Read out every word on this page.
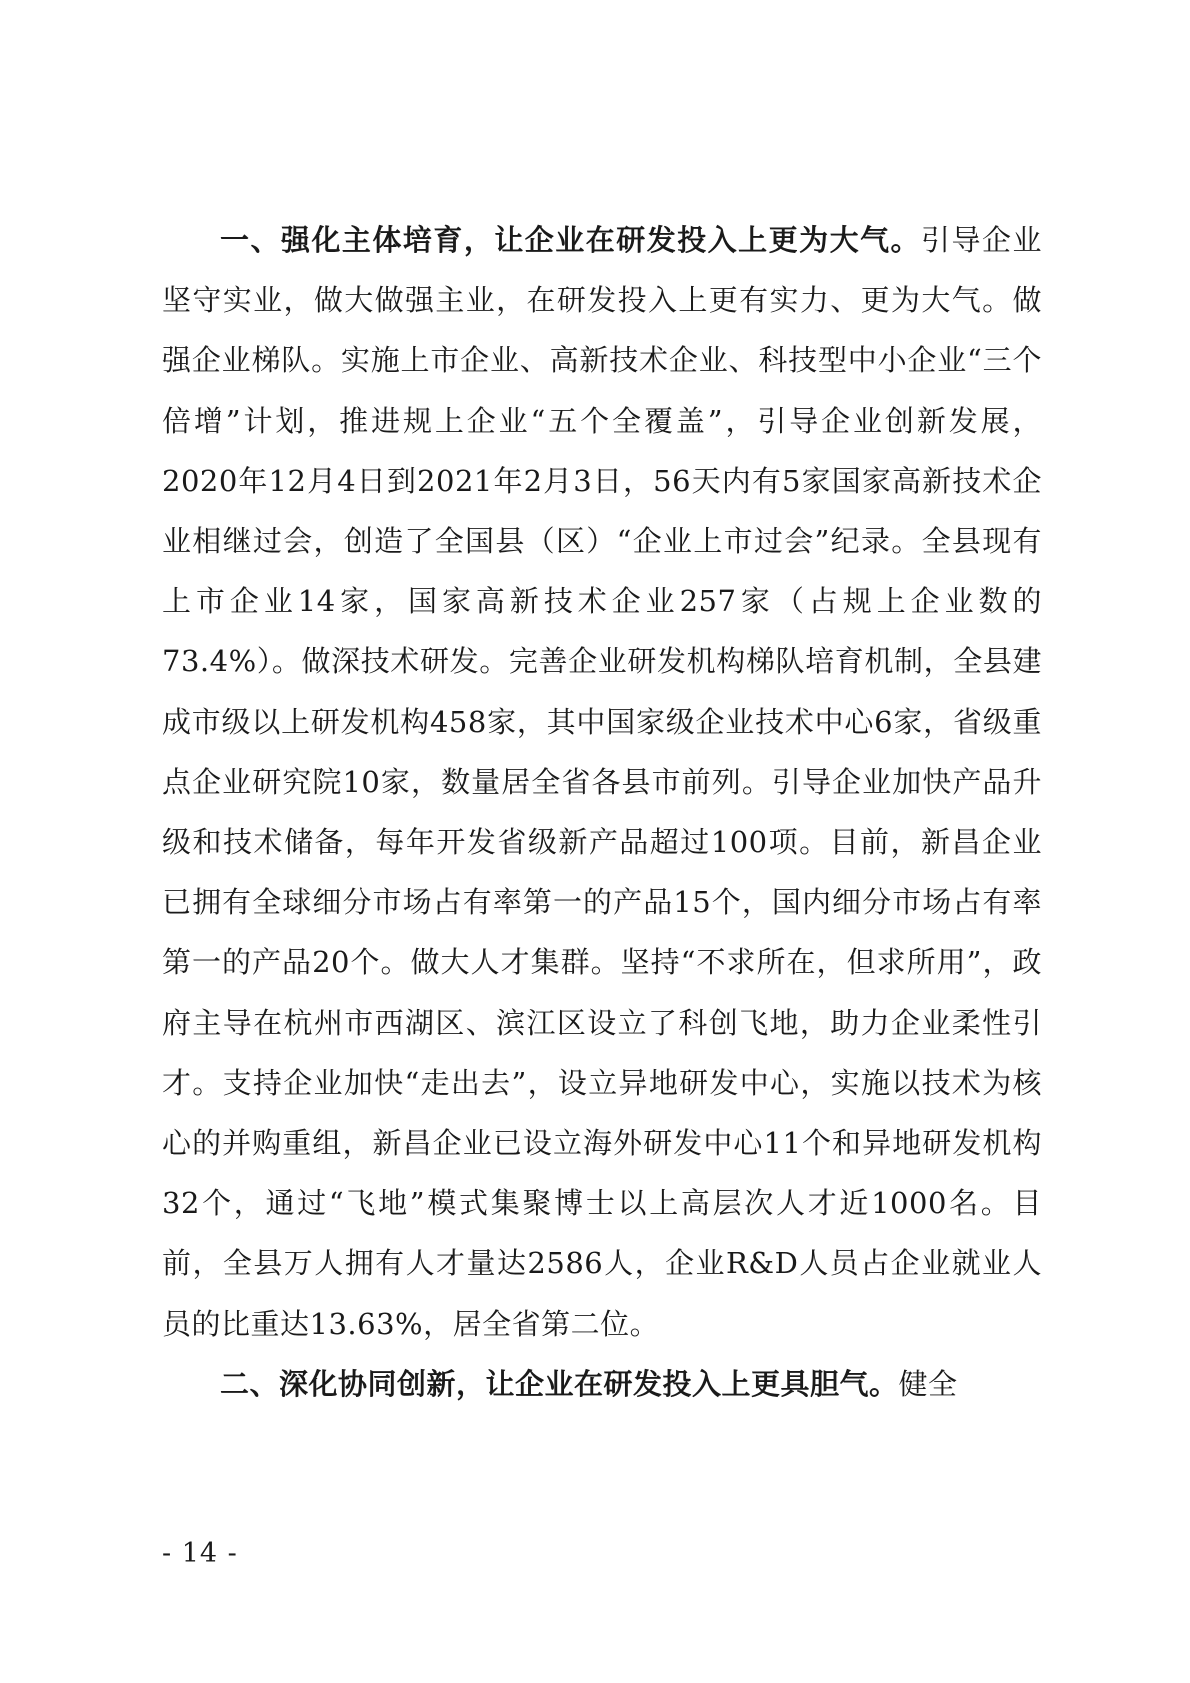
一、强化主体培育，让企业在研发投入上更为大气。引导企业坚守实业，做大做强主业，在研发投入上更有实力、更为大气。做强企业梯队。实施上市企业、高新技术企业、科技型中小企业“三个倍增”计划，推进规上企业“五个全覆盖”，引导企业创新发展，2020年12月4日到2021年2月3日，56天内有5家国家高新技术企业相继过会，创造了全国县（区）“企业上市过会”纪录。全县现有上市企业14家，国家高新技术企业257家（占规上企业数的73.4%）。做深技术研发。完善企业研发机构梯队培育机制，全县建成市级以上研发机构458家，其中国家级企业技术中心6家，省级重点企业研究院10家，数量居全省各县市前列。引导企业加快产品升级和技术储备，每年开发省级新产品超过100项。目前，新昌企业已拥有全球细分市场占有率第一的产品15个，国内细分市场占有率第一的产品20个。做大人才集群。坚持“不求所在，但求所用”，政府主导在杭州市西湖区、滨江区设立了科创飞地，助力企业柔性引才。支持企业加快“走出去”，设立异地研发中心，实施以技术为核心的并购重组，新昌企业已设立海外研发中心11个和异地研发机构32个，通过“飞地”模式集聚博士以上高层次人才近1000名。目前，全县万人拥有人才量达2586人，企业R&D人员占企业就业人员的比重达13.63%，居全省第二位。

二、深化协同创新，让企业在研发投入上更具胆气。健全

- 14 -
